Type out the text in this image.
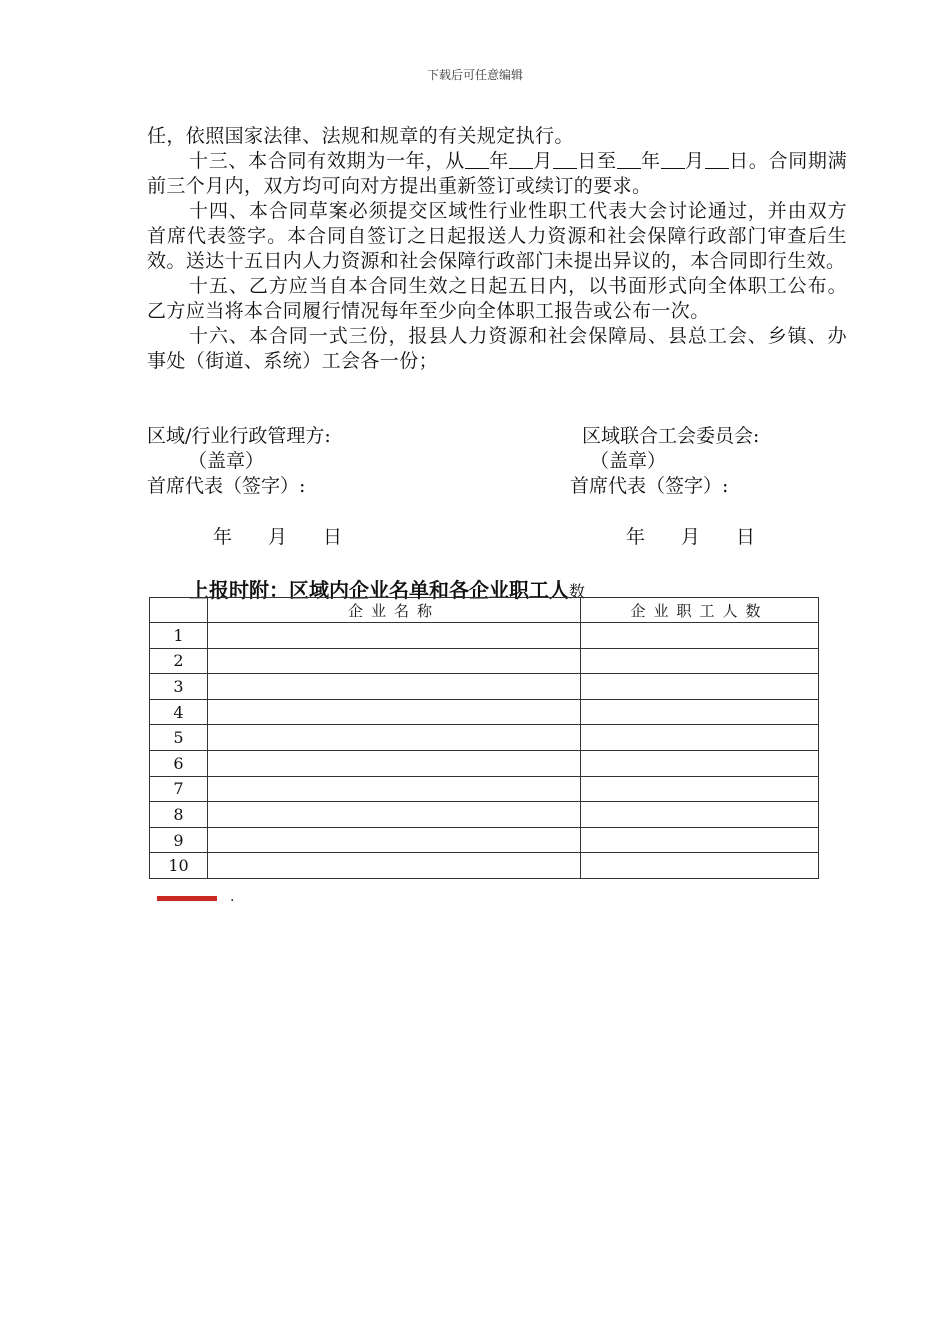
下载后可任意编辑

任，依照国家法律、法规和规章的有关规定执行。

十三、本合同有效期为一年，从 年 月 日至 年 月 日。合同期满前三个月内，双方均可向对方提出重新签订或续订的要求。

十四、本合同草案必须提交区域性行业性职工代表大会讨论通过，并由双方首席代表签字。本合同自签订之日起报送人力资源和社会保障行政部门审查后生效。送达十五日内人力资源和社会保障行政部门未提出异议的，本合同即行生效。

十五、乙方应当自本合同生效之日起五日内，以书面形式向全体职工公布。乙方应当将本合同履行情况每年至少向全体职工报告或公布一次。

十六、本合同一式三份，报县人力资源和社会保障局、县总工会、乡镇、办事处（街道、系统）工会各一份；

区域/行业行政管理方:	区域联合工会委员会:
（盖章）	（盖章）
首席代表（签字）:	首席代表（签字）:
年 月 日	年 月 日
上报时附：区域内企业名单和各企业职工人数
	企业名称	企业职工人数
1		
2		
3		
4		
5		
6		
7		
8		
9		
10		
.
